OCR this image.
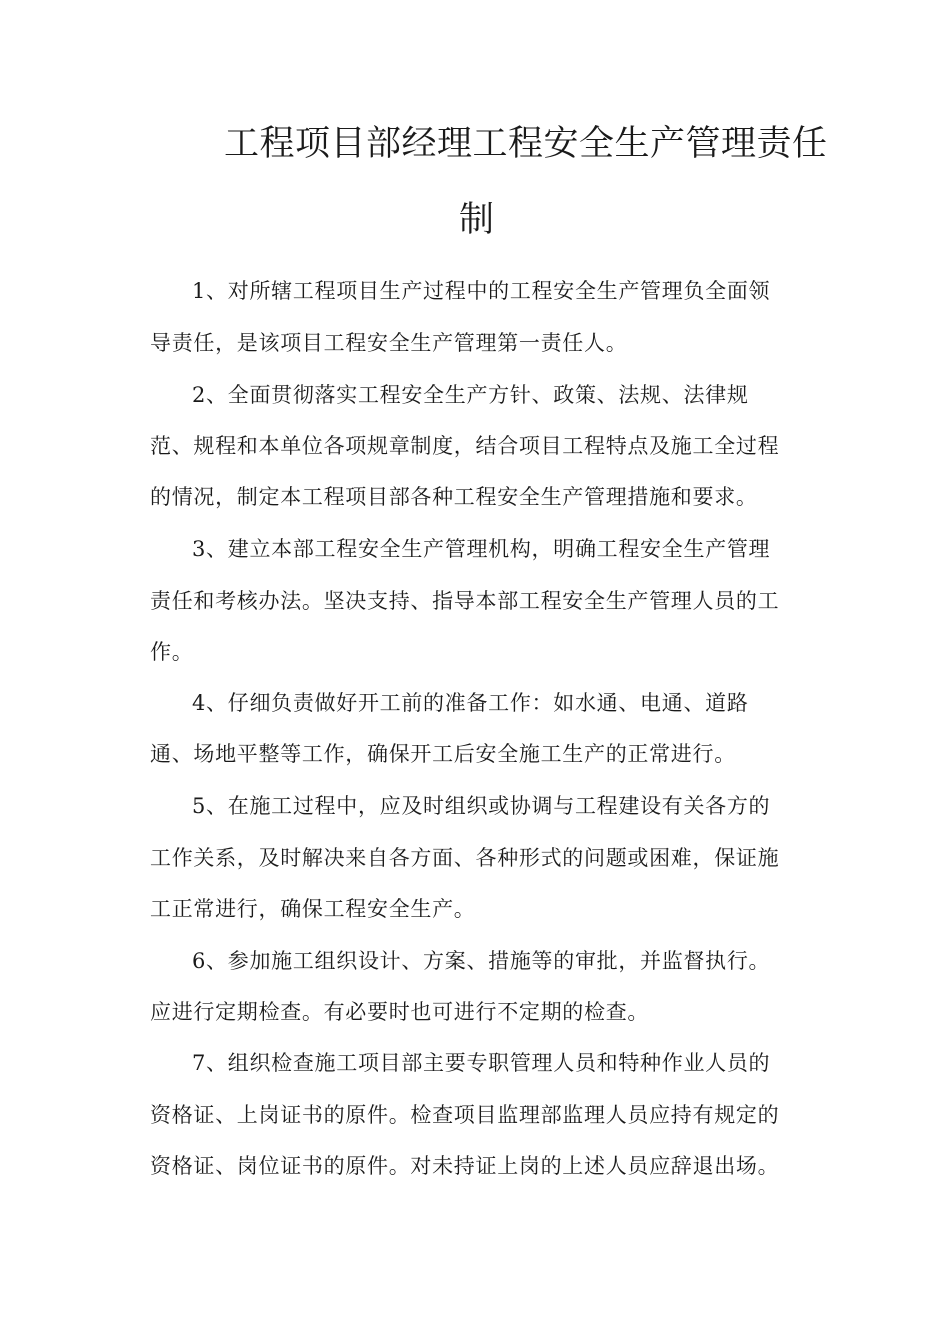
工程项目部经理工程安全生产管理责任
制
1、对所辖工程项目生产过程中的工程安全生产管理负全面领
导责任，是该项目工程安全生产管理第一责任人。
2、全面贯彻落实工程安全生产方针、政策、法规、法律规
范、规程和本单位各项规章制度，结合项目工程特点及施工全过程
的情况，制定本工程项目部各种工程安全生产管理措施和要求。
3、建立本部工程安全生产管理机构，明确工程安全生产管理
责任和考核办法。坚决支持、指导本部工程安全生产管理人员的工
作。
4、仔细负责做好开工前的准备工作：如水通、电通、道路
通、场地平整等工作，确保开工后安全施工生产的正常进行。
5、在施工过程中，应及时组织或协调与工程建设有关各方的
工作关系，及时解决来自各方面、各种形式的问题或困难，保证施
工正常进行，确保工程安全生产。
6、参加施工组织设计、方案、措施等的审批，并监督执行。
应进行定期检查。有必要时也可进行不定期的检查。
7、组织检查施工项目部主要专职管理人员和特种作业人员的
资格证、上岗证书的原件。检查项目监理部监理人员应持有规定的
资格证、岗位证书的原件。对未持证上岗的上述人员应辞退出场。
